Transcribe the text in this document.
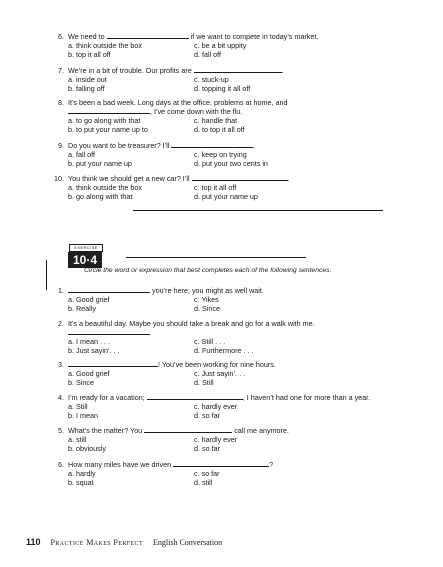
6. We need to	if we want to compete in today’s market.
a. think outside the box	c. be a bit uppity
b. top it all off	d. fall off
7. We’re in a bit of trouble. Our profits are	.
a. inside out	c. stuck-up
b. falling off	d. topping it all off
8. It’s been a bad week. Long days at the office, problems at home, and
, I’ve come down with the flu.
a. to go along with that	c. handle that
b. to put your name up to	d. to top it all off
9. Do you want to be treasurer? I’ll	.
a. fall off	c. keep on trying
b. put your name up	d. put your two cents in
10. You think we should get a new car? I’ll	.
a. think outside the box	c. top it all off
b. go along with that	d. put your name up
EXERCISE
10·4
Circle the word or expression that best completes each of the following sentences.
1.	you’re here, you might as well wait.
a. Good grief	c. Yikes
b. Really	d. Since
2. It’s a beautiful day. Maybe you should take a break and go for a walk with me.
a. I mean . . .	c. Still . . .
b. Just sayin’. . .	d. Furthermore . . .
3.	! You’ve been working for nine hours.
a. Good grief	c. Just sayin’. . .
b. Since	d. Still
4. I’m ready for a vacation;	, I haven’t had one for more than a year.
a. Still	c. hardly ever
b. I mean	d. so far
5. What’s the matter? You	call me anymore.
a. still	c. hardly ever
b. obviously	d. so far
6. How many miles have we driven	?
a. hardly	c. so far
b. squat	d. still
110 Practice Makes Perfect English Conversation
